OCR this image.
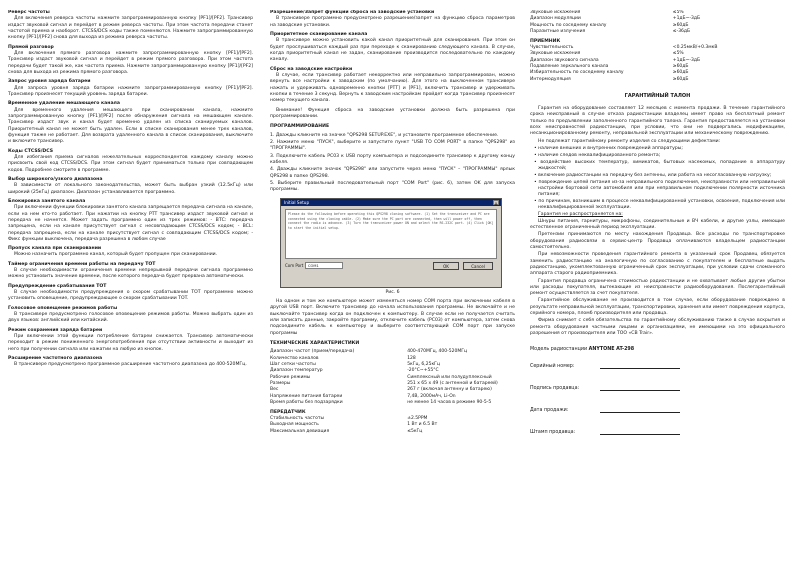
Реверс частоты
Для включения реверса частоты нажмите запрограммированную кнопку [PF1]/[PF2]. Трансивер издаст звуковой сигнал и перейдет в режим реверса частоты. При этом частота передачи станет частотой приема и наоборот. CTCSS/DCS коды также поменяются. Нажмите запрограммированную кнопку [PF1]/[PF2] снова для выхода из режима реверса частоты.
Прямой разговор
Для включения прямого разговора нажмите запрограммированную кнопку [PF1]/[PF2]. Трансивер издаст звуковой сигнал и перейдет в режим прямого разговора. При этом частота передачи будет такой же, как частота приема. Нажмите запрограммированную кнопку [PF1]/[PF2] снова для выхода из режима прямого разговора.
Запрос уровня заряда батареи
Для запроса уровня заряда батареи нажмите запрограммированную кнопку [PF1]/[PF2]. Трансивер произнесет текущий уровень заряда батареи.
Временное удаление мешающего канала
Для временного удаления мешающего при сканировании канала, нажмите запрограммированную кнопку [PF1]/[PF2] после обнаружения сигнала на мешающем канале. Трансивер издаст звук и канал будет временно удален из списка сканируемых каналов. Приоритетный канал не может быть удален. Если в списке сканирования менее трех каналов, функция также не работает. Для возврата удаленного канала в список сканирования, выключите и включите трансивер.
Коды CTCSS/DCS
Для избегания приема сигналов нежелательных корреспондентов каждому каналу можно присвоить свой код CTCSS/DCS. При этом сигнал будет приниматься только при совпадающем кодов. Подробнее смотрите в программе.
Выбор широкого/узкого диапазона
В зависимости от локального законодательства, может быть выбран узкий (12.5кГц) или широкий (25кГц) диапазон. Диапазон устанавливается программно.
Блокировка занятого канала
При включении функции блокировки занятого канала запрещается передача сигнала на канале, если на нем кто-то работает. При нажатии на кнопку PTT трансивер издаст звуковой сигнал и передача не начнется. Может задать программно один из трех режимов: - ВТС: передача запрещена, если на канале присутствует сигнал с несовпадающим CTCSS/DCS кодом; - BCL: передача запрещена, если на канале присутствует сигнал с совпадающим CTCSS/DCS кодом; - Фикс функции выключена, передача разрешена в любом случае
Пропуск канала при сканировании
Можно назначить программно канал, который будет пропущен при сканировании.
Таймер ограничения времени работы на передачу TOT
В случае необходимости ограничения времени непрерывной передачи сигнала программно можно установить значение времени, после которого передача будет прервана автоматически.
Предупреждение срабатывания TOT
В случае необходимости предупреждения о скором срабатывании TOT программно можно установить оповещение, предупреждающее о скором срабатывании TOT.
Голосовое оповещение режимов работы
В трансивере предусмотрено голосовое оповещение режимов работы. Можно выбрать один из двух языков: английский или китайский.
Режим сохранения заряда батареи
При включении этой функции потребление батареи снижается. Трансивер автоматически переходит в режим пониженного энергопотребления при отсутствии активности и выходит из него при получении сигнала или нажатии на любую из кнопок.
Расширение частотного диапазона
В трансивере предусмотрено программное расширение частотного диапазона до 400-520МГц.
Разрешение/Запрет функции сброса на заводские установки
В трансивере программно предусмотрено разрешение/запрет на функцию сброса параметров на заводские установки.
Приоритетное сканирование канала
В трансивере можно установить какой канал приоритетный для сканирования. При этом он будет прослушиваться каждый раз при переходе к сканированию следующего канала. В случае, когда приоритетный канал не задан, сканирование производится последовательно по каждому каналу.
Сброс на заводские настройки
В случае, если трансивер работает некорректно или неправильно запрограммирован, можно вернуть все настройки к заводским (по умолчанию). Для этого на выключенном трансивере нажать и удерживать одновременно кнопки [PTT] и [PF1], включить трансивер и удерживать кнопки в течение 3 секунд. Вернуть к заводским настройкам пройдет когда трансивер произнесет номер текущего канала.
Внимание! Функция сброса на заводские установки должна быть разрешена при программировании.
ПРОГРАММИРОВАНИЕ

1. Дважды кликните на значке "QPS298 SETUP.EXE", и установите программное обеспечение.

2. Нажмите меню "ПУСК", выберите и запустите пункт "USB TO COM PORT" в папке "QPS298" из "ПРОГРАММЫ".

3. Подключите кабель PC03 к USB порту компьютера и подсоедините трансивер к другому концу кабеля.

4. Дважды кликните значок "QPS298" или запустите через меню "ПУСК" – "ПРОГРАММЫ" ярлык QPS298 в папке QPS298.

5. Выберите правильный последовательный порт "COM Port" (рис. 6), затем OK для запуска программы.

Initial Setup	x
Please do the following before operating this QPS298 cloning software. (1) Set the transceiver and PC are connected using the cloning cable. (2) Make sure the PC port are connected, then will power off, then connect the radio is advance. (3) Turn the transceiver power ON and select the RS-232C port. (4) Click [OK] to start the initial setup.
Com Port	COM1	OK	Cancel
Рис. 6

На одном и том же компьютере может изменяться номер COM портa при включении кабеля в другой USB порт. Включите трансивер до начала использования программы. Не включайте и не выключайте трансивер когда он подключен к компьютеру. В случае если не получается считать или записать данные, закройте программу, отключите кабель (PC03) от компьютера, затем снова подсоедините кабель к компьютеру и выберите соответствующий COM порт при запуске программы

ТЕХНИЧЕСКИЕ ХАРАКТЕРИСТИКИ
Диапазон частот (прием/передача)	400-470МГц, 400-520МГц
Количество каналов	128
Шаг сетки частоты	5кГц, 6,25кГц
Диапазон температур	-20°C~+55°C
Рабочие режимы	Симплексный или полудуплексный
Размеры	251 x 65 x 49 (с антенной и батареей)
Вес	267 г (включая антенну и батарею)
Напряжение питания батареи	7,4В, 2000мАч, Li-On
Время работы без подзарядки	не менее 14 часов в режиме 90-5-5
ПЕРЕДАТЧИК
Стабильность частоты	±2.5PPM
Выходная мощность	1 Вт и 6.5 Вт
Максимальная девиация	≤5кГц
Звуковые искажения	≤5%
Диапазон модуляции	+1дБ~-3дБ
Мощность по соседнему каналу	≥60дБ
Паразитные излучения	≤-36дБ
ПРИЕМНИК
Чувствительность	<0.25мкВ/+0.3мкВ
Звуковые искажения	≤5%
Диапазон звукового сигнала	+1дБ~-3дБ
Подавление зеркального канала	≥60дБ
Избирательность по соседнему каналу	≥60дБ
Интермодуляция	≥60дБ
ГАРАНТИЙНЫЙ ТАЛОН

Гарантия на оборудование составляет 12 месяцев с момента продажи. В течение гарантийного срока неисправный в случае отказа радиостанции владелец имеет право на бесплатный ремонт только по предъявлении заполненного гарантийного талона. Гарантия предоставляется на установки всех неисправностей радиостанции, при условии, что они не подвергались модификациям, несанкционированному ремонту, неправильной эксплуатации или механическому повреждению.

Не подлежат гарантийному ремонту изделия со следующими дефектами:

• наличие внешних и внутренних повреждений аппаратуры;

• наличие следов неквалифицированного ремонта;

• воздействие высоких температур, химикатов, бытовых насекомых, попадание в аппаратуру жидкостей;

• включение радиостанции на передачу без антенны, или работа на несогласованную нагрузку;

• повреждение цепей питания из-за неправильного подключения, неисправности или неправильной настройки бортовой сети автомобиля или при неправильном подключении полярности источника питания;

• по причинам, возникшим в процессе неквалифицированной установки, освоения, подключения или неквалифицированной эксплуатации.

Гарантия не распространяется на:

Шнуры питания, гарнитуры, микрофоны, соединительные и ВЧ кабели, и другие узлы, имеющие естественное ограниченный период эксплуатации.

Претензии принимаются по месту нахождения Продавца. Все расходы по транспортировке оборудования радиосвязи в сервис-центр Продавца оплачиваются владельцем радиостанции самостоятельно.

При невозможности проведения гарантийного ремонта в указанный срок Продавец обязуется заменить радиостанцию на аналогичную по согласованию с покупателем и бесплатные выдать радиостанцию, укомплектованную ограниченный срок эксплуатации, при условии сдачи сломанного аппарата старого радиоприемника.

Гарантия продавца ограничена стоимостью радиостанции и не охватывает любые другие убытки или расходы покупателя, вытекающие из неисправности радиооборудования. Послегарантийный ремонт осуществляется за счет покупателя.

Гарантийное обслуживание не производится в том случае, если оборудование повреждено в результате неправильной эксплуатации, транспортировки, хранения или имеет повреждения корпуса, серийного номера, пломб производителя или продавца.

Фирма снимает с себя обязательства по гарантийному обслуживанию также в случае вскрытия и ремонта оборудования частными лицами и организациями, не имеющими на это официального разрешения от производителя или ТОО «СВ Trair».

Модель радиостанции ANYTONE AT-298
Серийный номер:
Подпись продавца:
Дата продажи:
Штамп продавца:
